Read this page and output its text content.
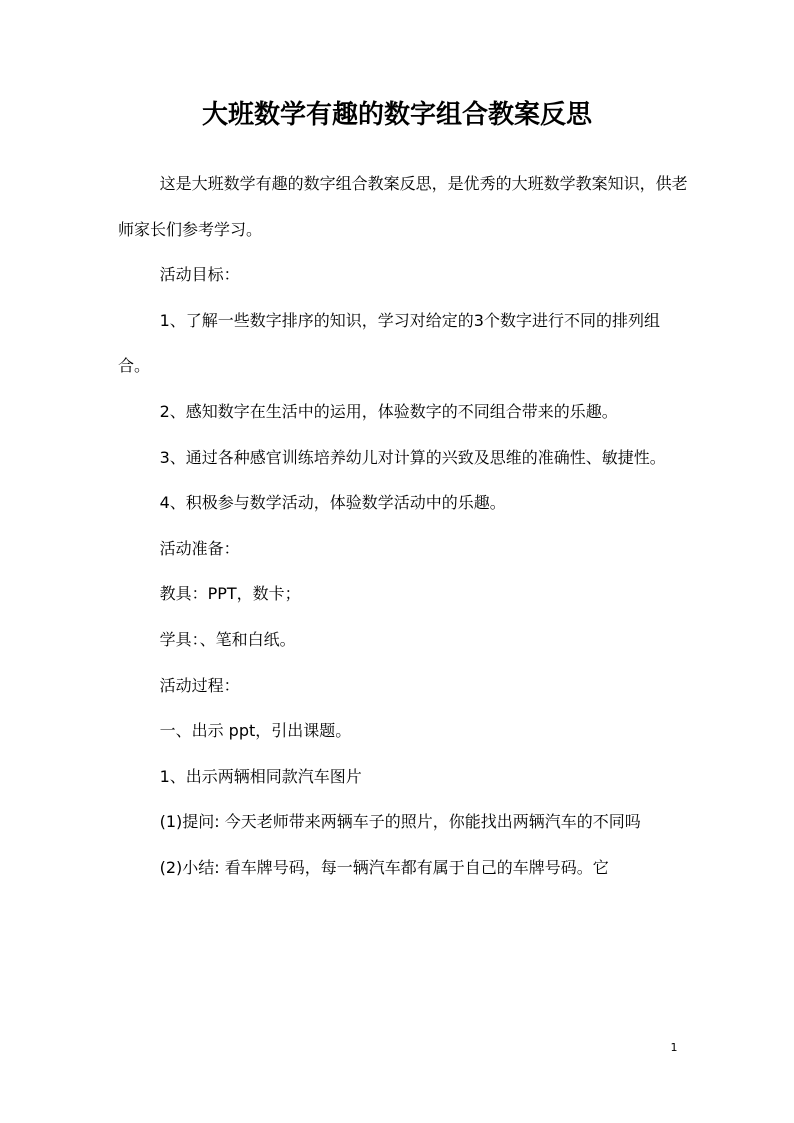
大班数学有趣的数字组合教案反思

这是大班数学有趣的数字组合教案反思，是优秀的大班数学教案知识，供老师家长们参考学习。

活动目标：

1、了解一些数字排序的知识，学习对给定的3个数字进行不同的排列组合。

2、感知数字在生活中的运用，体验数字的不同组合带来的乐趣。

3、通过各种感官训练培养幼儿对计算的兴致及思维的准确性、敏捷性。

4、积极参与数学活动，体验数学活动中的乐趣。

活动准备：

教具：PPT，数卡；

学具：、笔和白纸。

活动过程：

一、出示 ppt，引出课题。

1、出示两辆相同款汽车图片

(1)提问: 今天老师带来两辆车子的照片，你能找出两辆汽车的不同吗

(2)小结: 看车牌号码，每一辆汽车都有属于自己的车牌号码。它

1
